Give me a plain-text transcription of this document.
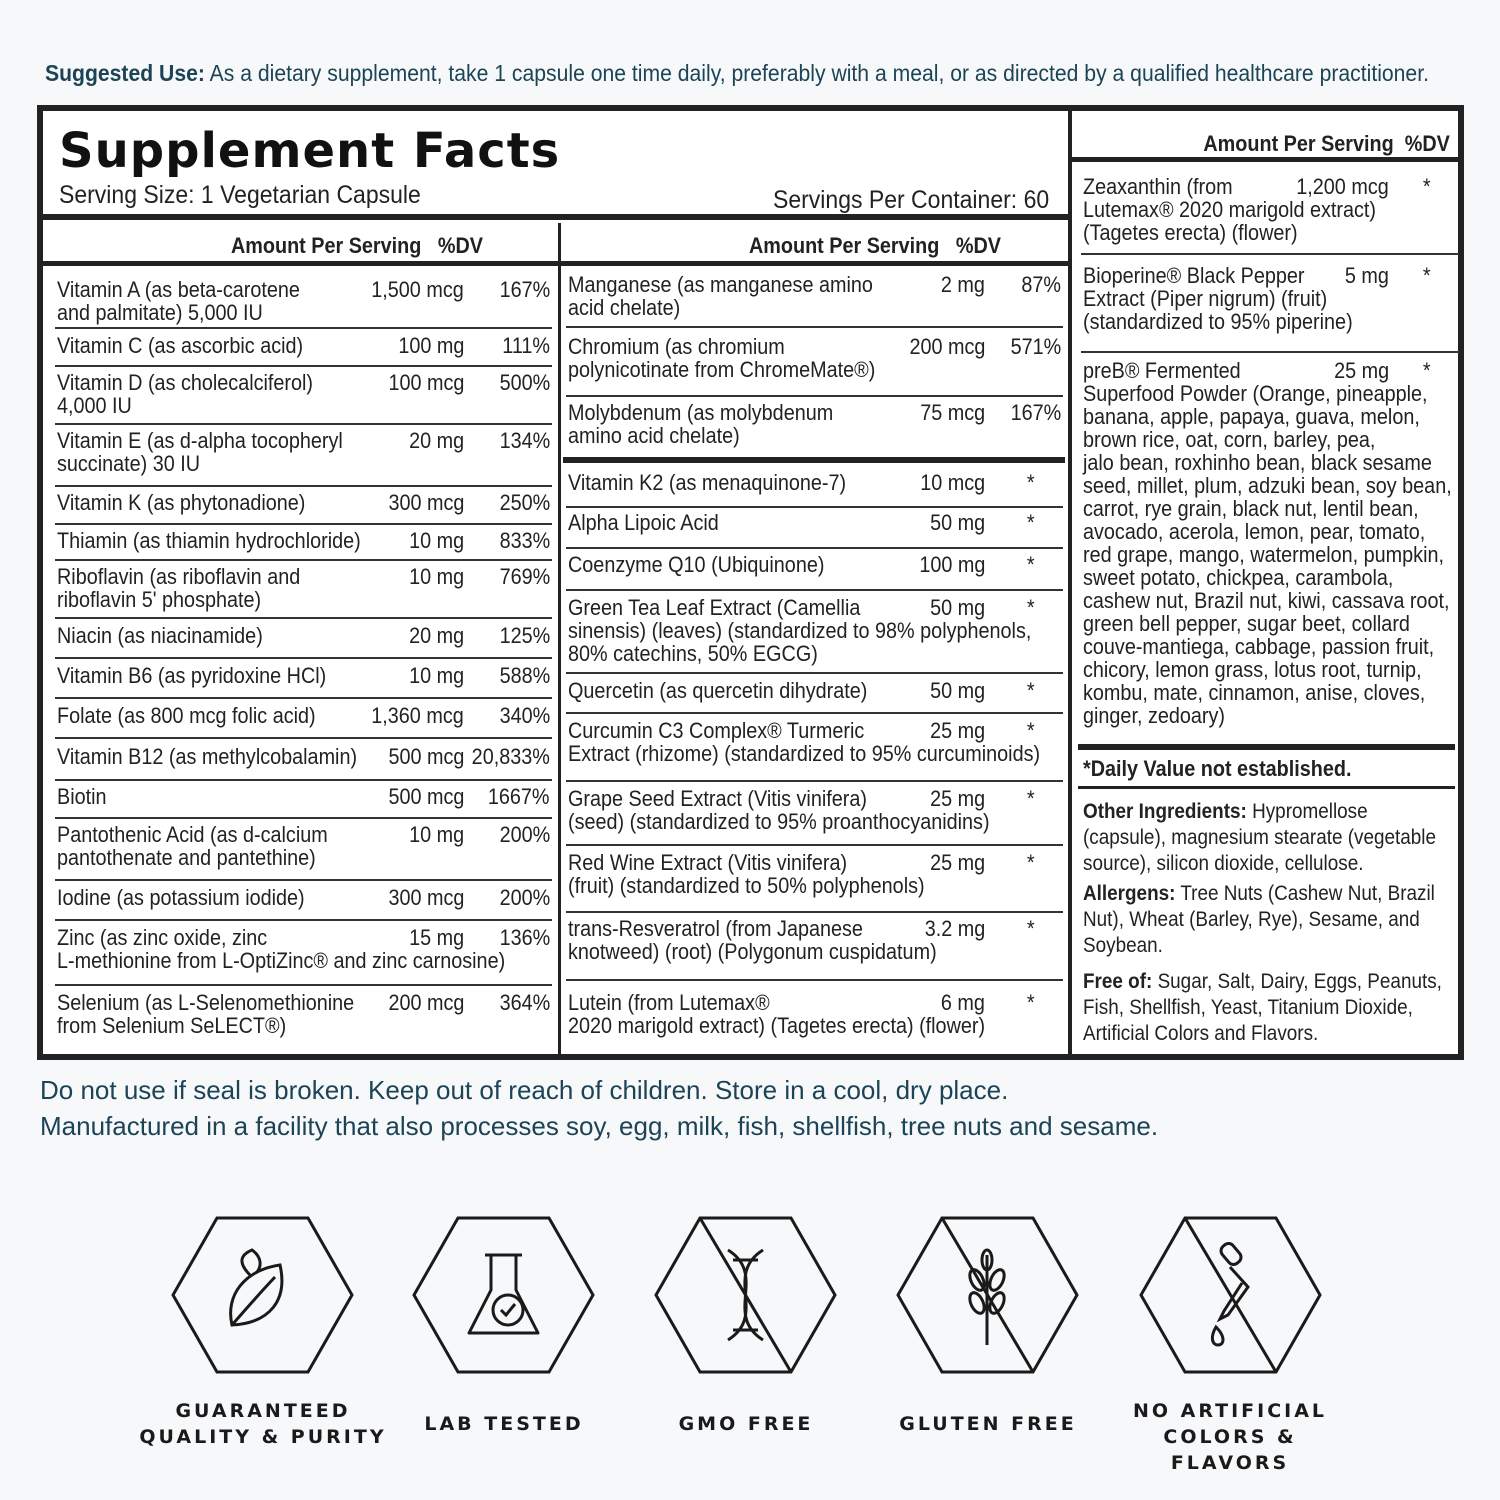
Suggested Use: As a dietary supplement, take 1 capsule one time daily, preferably with a meal, or as directed by a qualified healthcare practitioner.
Supplement Facts
Serving Size: 1 Vegetarian Capsule	Servings Per Container: 60
Amount Per Serving %DV	Amount Per Serving %DV
Amount Per Serving %DV
Vitamin A (as beta-carotene
and palmitate) 5,000 IU
1,500 mcg 167%
Vitamin C (as ascorbic acid)	100 mg 111%
Vitamin D (as cholecalciferol)
4,000 IU
100 mcg 500%
Vitamin E (as d-alpha tocopheryl
succinate) 30 IU
20 mg 134%
Vitamin K (as phytonadione)	300 mcg 250%
Thiamin (as thiamin hydrochloride) 10 mg 833%
Riboflavin (as riboflavin and
riboflavin 5' phosphate)
10 mg 769%
Niacin (as niacinamide)	20 mg 125%
Vitamin B6 (as pyridoxine HCl)	10 mg 588%
Folate (as 800 mcg folic acid)	1,360 mcg 340%
Vitamin B12 (as methylcobalamin) 500 mcg 20,833%
Biotin	500 mcg 1667%
Pantothenic Acid (as d-calcium
pantothenate and pantethine)
10 mg 200%
Iodine (as potassium iodide)	300 mcg 200%
Zinc (as zinc oxide, zinc
L-methionine from L-OptiZinc® and zinc carnosine)
15 mg 136%
Selenium (as L-Selenomethionine
from Selenium SeLECT®)
200 mcg 364%
Manganese (as manganese amino
acid chelate)
2 mg 87%
Chromium (as chromium
polynicotinate from ChromeMate®)
200 mcg 571%
Molybdenum (as molybdenum
amino acid chelate)
75 mcg 167%
Vitamin K2 (as menaquinone-7)	10 mcg *
Alpha Lipoic Acid	50 mg *
Coenzyme Q10 (Ubiquinone)	100 mg *
Green Tea Leaf Extract (Camellia
sinensis) (leaves) (standardized to 98% polyphenols,
80% catechins, 50% EGCG)
50 mg *
Quercetin (as quercetin dihydrate)	50 mg *
Curcumin C3 Complex® Turmeric
Extract (rhizome) (standardized to 95% curcuminoids)
25 mg *
Grape Seed Extract (Vitis vinifera)
(seed) (standardized to 95% proanthocyanidins)
25 mg *
Red Wine Extract (Vitis vinifera)
(fruit) (standardized to 50% polyphenols)
25 mg *
trans-Resveratrol (from Japanese
knotweed) (root) (Polygonum cuspidatum)
3.2 mg *
Lutein (from Lutemax®
2020 marigold extract) (Tagetes erecta) (flower)
6 mg *
Zeaxanthin (from
Lutemax® 2020 marigold extract)
(Tagetes erecta) (flower)
1,200 mcg *
Bioperine® Black Pepper
Extract (Piper nigrum) (fruit)
(standardized to 95% piperine)
5 mg *
preB® Fermented
Superfood Powder (Orange, pineapple,
banana, apple, papaya, guava, melon,
brown rice, oat, corn, barley, pea,
jalo bean, roxhinho bean, black sesame
seed, millet, plum, adzuki bean, soy bean,
carrot, rye grain, black nut, lentil bean,
avocado, acerola, lemon, pear, tomato,
red grape, mango, watermelon, pumpkin,
sweet potato, chickpea, carambola,
cashew nut, Brazil nut, kiwi, cassava root,
green bell pepper, sugar beet, collard
couve-mantiega, cabbage, passion fruit,
chicory, lemon grass, lotus root, turnip,
kombu, mate, cinnamon, anise, cloves,
ginger, zedoary)
25 mg *
*Daily Value not established.
Other Ingredients: Hypromellose (capsule), magnesium stearate (vegetable source), silicon dioxide, cellulose.
Allergens: Tree Nuts (Cashew Nut, Brazil Nut), Wheat (Barley, Rye), Sesame, and Soybean.
Free of: Sugar, Salt, Dairy, Eggs, Peanuts, Fish, Shellfish, Yeast, Titanium Dioxide, Artificial Colors and Flavors.
Do not use if seal is broken. Keep out of reach of children. Store in a cool, dry place.
Manufactured in a facility that also processes soy, egg, milk, fish, shellfish, tree nuts and sesame.
GUARANTEED
QUALITY & PURITY
LAB TESTED	GMO FREE	GLUTEN FREE
NO ARTIFICIAL
COLORS & FLAVORS
